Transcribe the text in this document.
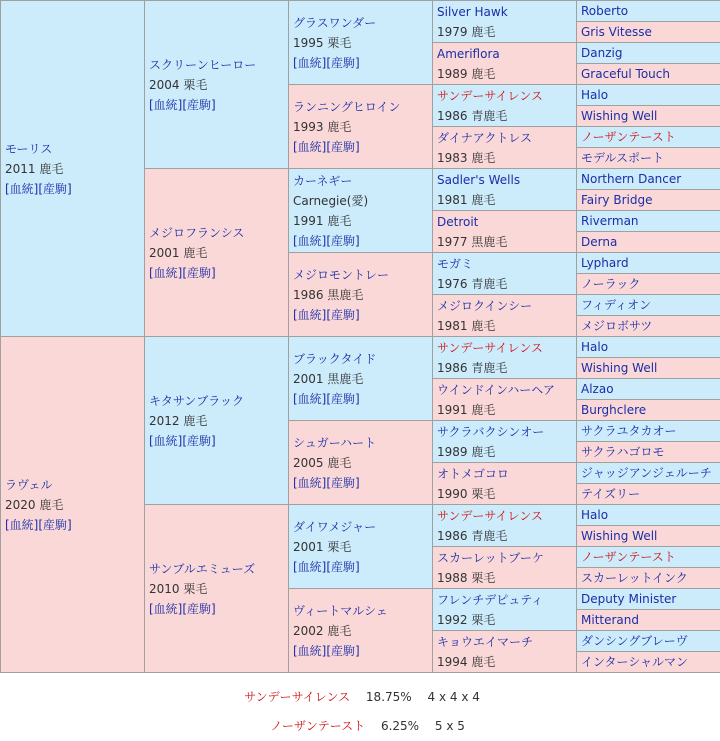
モーリス
2011 鹿毛
[血統][産駒]	スクリーンヒーロー
2004 栗毛
[血統][産駒]	グラスワンダー
1995 栗毛
[血統][産駒]	Silver Hawk
1979 鹿毛	Roberto
				Gris Vitesse

			Ameriflora
1989 鹿毛	Danzig
				Graceful Touch
		ランニングヒロイン
1993 鹿毛
[血統][産駒]	サンデーサイレンス
1986 青鹿毛	Halo
				Wishing Well

			ダイナアクトレス
1983 鹿毛	ノーザンテースト
				モデルスポート
	メジロフランシス
2001 鹿毛
[血統][産駒]	カーネギー
Carnegie(愛)
1991 鹿毛
[血統][産駒]	Sadler's Wells
1981 鹿毛	Northern Dancer
				Fairy Bridge

			Detroit
1977 黒鹿毛	Riverman
				Derna
		メジロモントレー
1986 黒鹿毛
[血統][産駒]	モガミ
1976 青鹿毛	Lyphard
				ノーラック

			メジロクインシー
1981 鹿毛	フィディオン
				メジロボサツ
ラヴェル
2020 鹿毛
[血統][産駒]	キタサンブラック
2012 鹿毛
[血統][産駒]	ブラックタイド
2001 黒鹿毛
[血統][産駒]	サンデーサイレンス
1986 青鹿毛	Halo
				Wishing Well

			ウインドインハーヘア
1991 鹿毛	Alzao
				Burghclere
		シュガーハート
2005 鹿毛
[血統][産駒]	サクラバクシンオー
1989 鹿毛	サクラユタカオー
				サクラハゴロモ

			オトメゴコロ
1990 栗毛	ジャッジアンジェルーチ
				テイズリー
	サンブルエミューズ
2010 栗毛
[血統][産駒]	ダイワメジャー
2001 栗毛
[血統][産駒]	サンデーサイレンス
1986 青鹿毛	Halo
				Wishing Well

			スカーレットブーケ
1988 栗毛	ノーザンテースト
				スカーレットインク
		ヴィートマルシェ
2002 鹿毛
[血統][産駒]	フレンチデピュティ
1992 栗毛	Deputy Minister
				Mitterand

			キョウエイマーチ
1994 鹿毛	ダンシングブレーヴ
				インターシャルマン
サンデーサイレンス 18.75% 4 x 4 x 4
ノーザンテースト 6.25% 5 x 5
